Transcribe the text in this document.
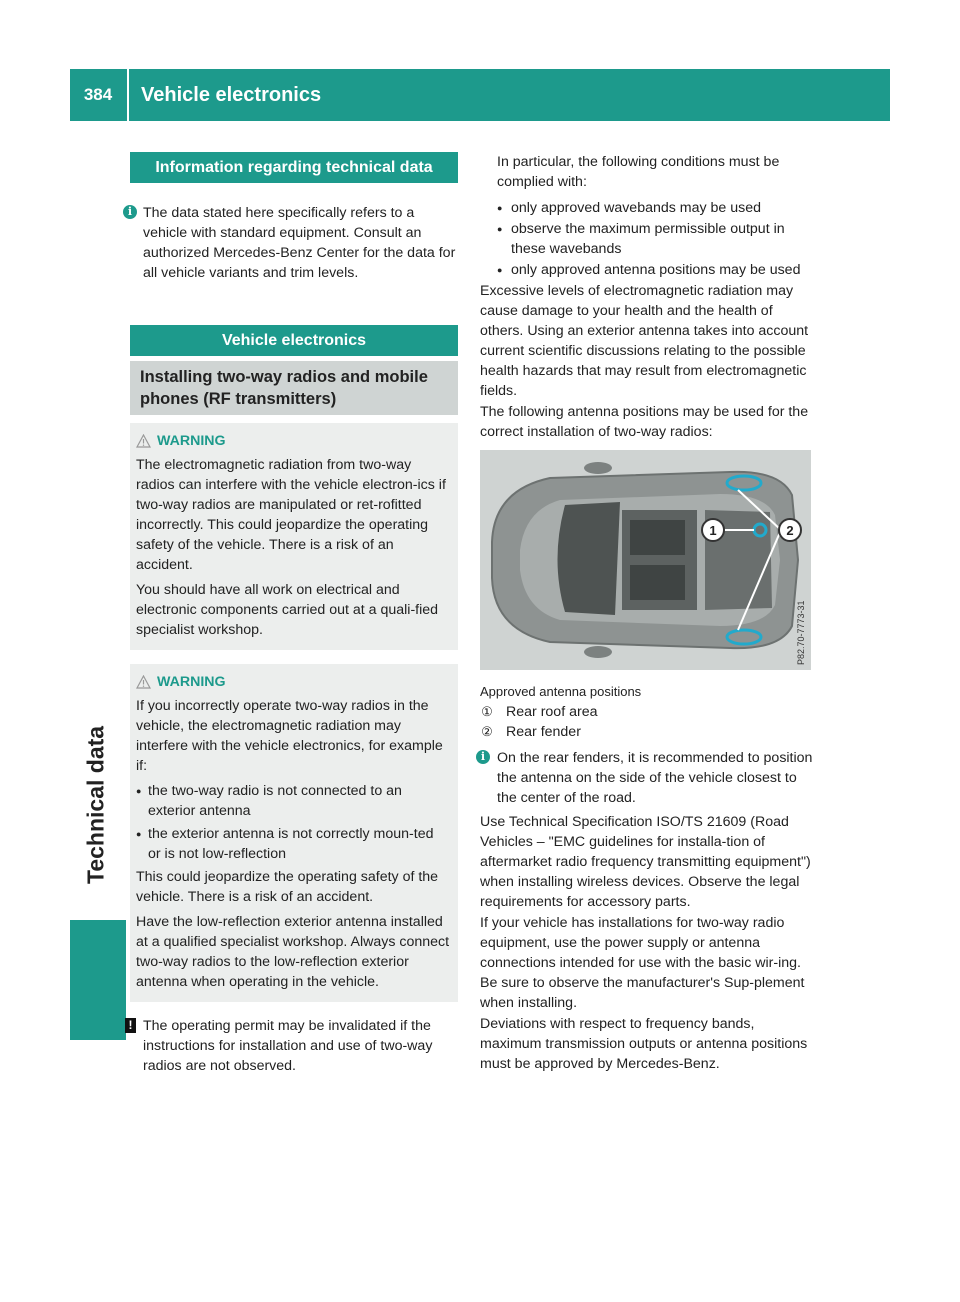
384	Vehicle electronics
Technical data
Information regarding technical data
i The data stated here specifically refers to a vehicle with standard equipment. Consult an authorized Mercedes-Benz Center for the data for all vehicle variants and trim levels.
Vehicle electronics
Installing two-way radios and mobile phones (RF transmitters)
WARNING

The electromagnetic radiation from two-way radios can interfere with the vehicle electron-ics if two-way radios are manipulated or ret-rofitted incorrectly. This could jeopardize the operating safety of the vehicle. There is a risk of an accident.

You should have all work on electrical and electronic components carried out at a quali-fied specialist workshop.

WARNING

If you incorrectly operate two-way radios in the vehicle, the electromagnetic radiation may interfere with the vehicle electronics, for example if:

● the two-way radio is not connected to an exterior antenna
● the exterior antenna is not correctly moun-ted or is not low-reflection

This could jeopardize the operating safety of the vehicle. There is a risk of an accident.

Have the low-reflection exterior antenna installed at a qualified specialist workshop. Always connect two-way radios to the low-reflection exterior antenna when operating in the vehicle.

! The operating permit may be invalidated if the instructions for installation and use of two-way radios are not observed.
In particular, the following conditions must be complied with:
● only approved wavebands may be used
● observe the maximum permissible output in these wavebands
● only approved antenna positions may be used

Excessive levels of electromagnetic radiation may cause damage to your health and the health of others. Using an exterior antenna takes into account current scientific discussions relating to the possible health hazards that may result from electromagnetic fields.

The following antenna positions may be used for the correct installation of two-way radios:

1	2
P82.70-7773-31
Approved antenna positions
① Rear roof area
② Rear fender
i On the rear fenders, it is recommended to position the antenna on the side of the vehicle closest to the center of the road.

Use Technical Specification ISO/TS 21609 (Road Vehicles – "EMC guidelines for installa-tion of aftermarket radio frequency transmitting equipment") when installing wireless devices. Observe the legal requirements for accessory parts.

If your vehicle has installations for two-way radio equipment, use the power supply or antenna connections intended for use with the basic wir-ing. Be sure to observe the manufacturer's Sup-plement when installing.

Deviations with respect to frequency bands, maximum transmission outputs or antenna positions must be approved by Mercedes-Benz.
